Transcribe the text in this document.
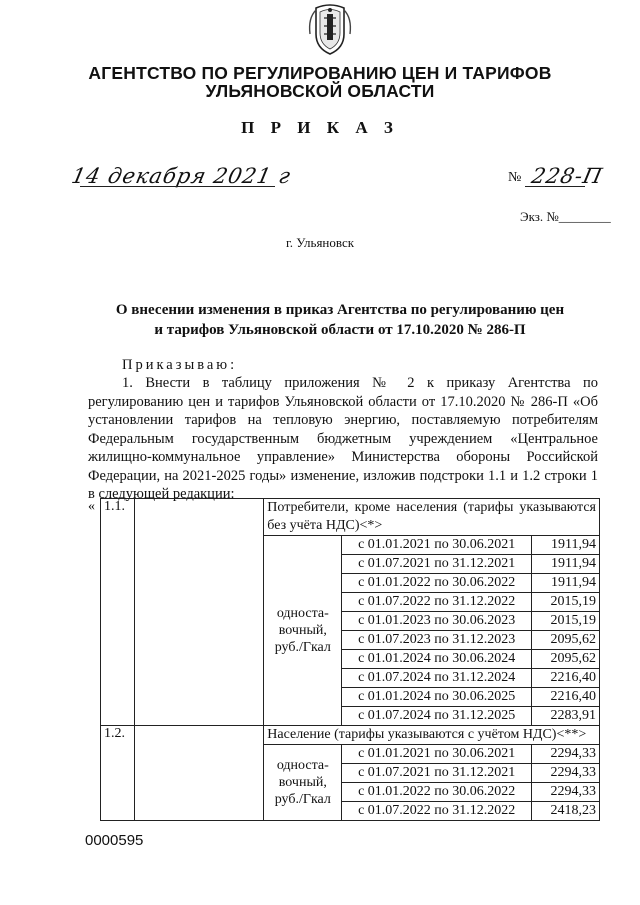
АГЕНТСТВО ПО РЕГУЛИРОВАНИЮ ЦЕН И ТАРИФОВ
УЛЬЯНОВСКОЙ ОБЛАСТИ
П Р И К А З
14 декабря 2021 г	№ 228-П
Экз. №________
г. Ульяновск
О внесении изменения в приказ Агентства по регулированию цен
и тарифов Ульяновской области от 17.10.2020 № 286-П
Приказываю:
1. Внести в таблицу приложения № 2 к приказу Агентства по регулированию цен и тарифов Ульяновской области от 17.10.2020 № 286-П «Об установлении тарифов на тепловую энергию, поставляемую потребителям Федеральным государственным бюджетным учреждением «Центральное жилищно-коммунальное управление» Министерства обороны Российской Федерации, на 2021-2025 годы» изменение, изложив подстроки 1.1 и 1.2 строки 1 в следующей редакции:
« 1.1.		Потребители, кроме населения (тарифы указываются без учёта НДС)<*>		
		односта-вочный, руб./Гкал	с 01.01.2021 по 30.06.2021	1911,94
			с 01.07.2021 по 31.12.2021	1911,94
			с 01.01.2022 по 30.06.2022	1911,94
			с 01.07.2022 по 31.12.2022	2015,19
			с 01.01.2023 по 30.06.2023	2015,19
			с 01.07.2023 по 31.12.2023	2095,62
			с 01.01.2024 по 30.06.2024	2095,62
			с 01.07.2024 по 31.12.2024	2216,40
			с 01.01.2024 по 30.06.2025	2216,40
			с 01.07.2024 по 31.12.2025	2283,91
1.2.		Население (тарифы указываются с учётом НДС)<**>		
		односта-вочный, руб./Гкал	с 01.01.2021 по 30.06.2021	2294,33
			с 01.07.2021 по 31.12.2021	2294,33
			с 01.01.2022 по 30.06.2022	2294,33
			с 01.07.2022 по 31.12.2022	2418,23
0000595
